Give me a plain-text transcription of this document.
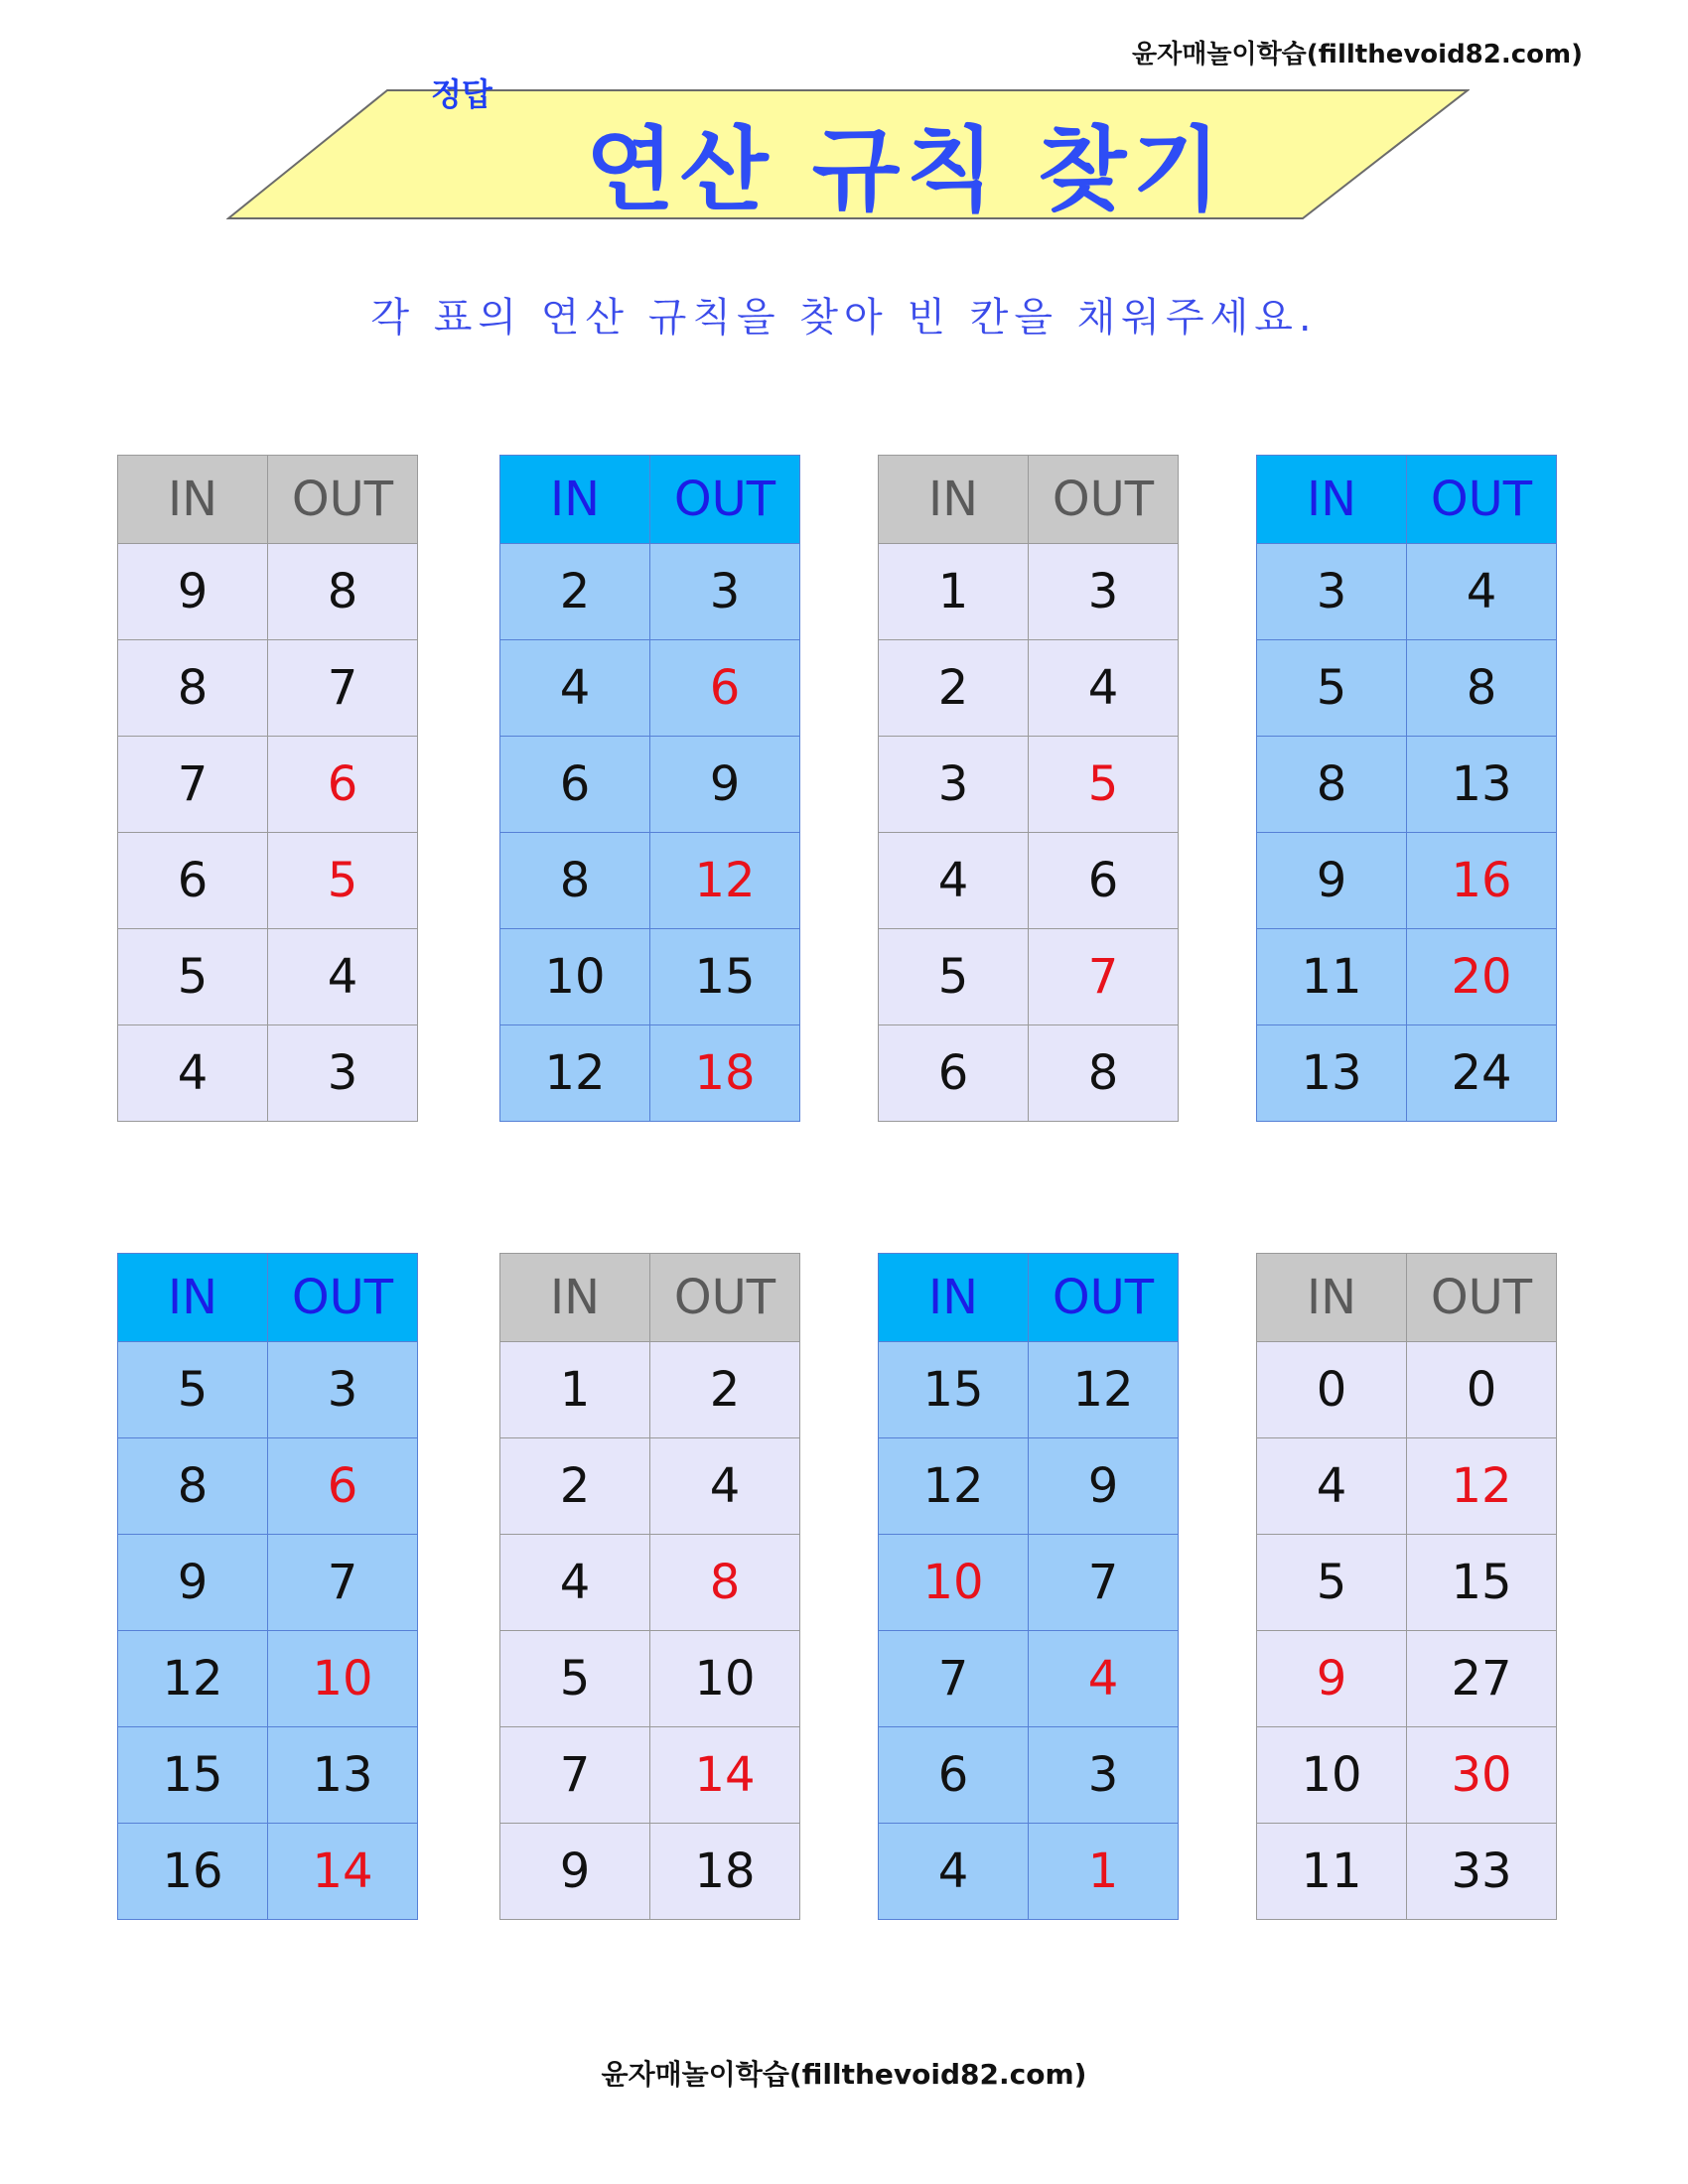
윤자매놀이학습(fillthevoid82.com)
정답
연산 규칙 찾기
각 표의 연산 규칙을 찾아 빈 칸을 채워주세요.
IN	OUT
9	8
8	7
7	6
6	5
5	4
4	3
IN	OUT
2	3
4	6
6	9
8	12
10	15
12	18
IN	OUT
1	3
2	4
3	5
4	6
5	7
6	8
IN	OUT
3	4
5	8
8	13
9	16
11	20
13	24
IN	OUT
5	3
8	6
9	7
12	10
15	13
16	14
IN	OUT
1	2
2	4
4	8
5	10
7	14
9	18
IN	OUT
15	12
12	9
10	7
7	4
6	3
4	1
IN	OUT
0	0
4	12
5	15
9	27
10	30
11	33
윤자매놀이학습(fillthevoid82.com)
